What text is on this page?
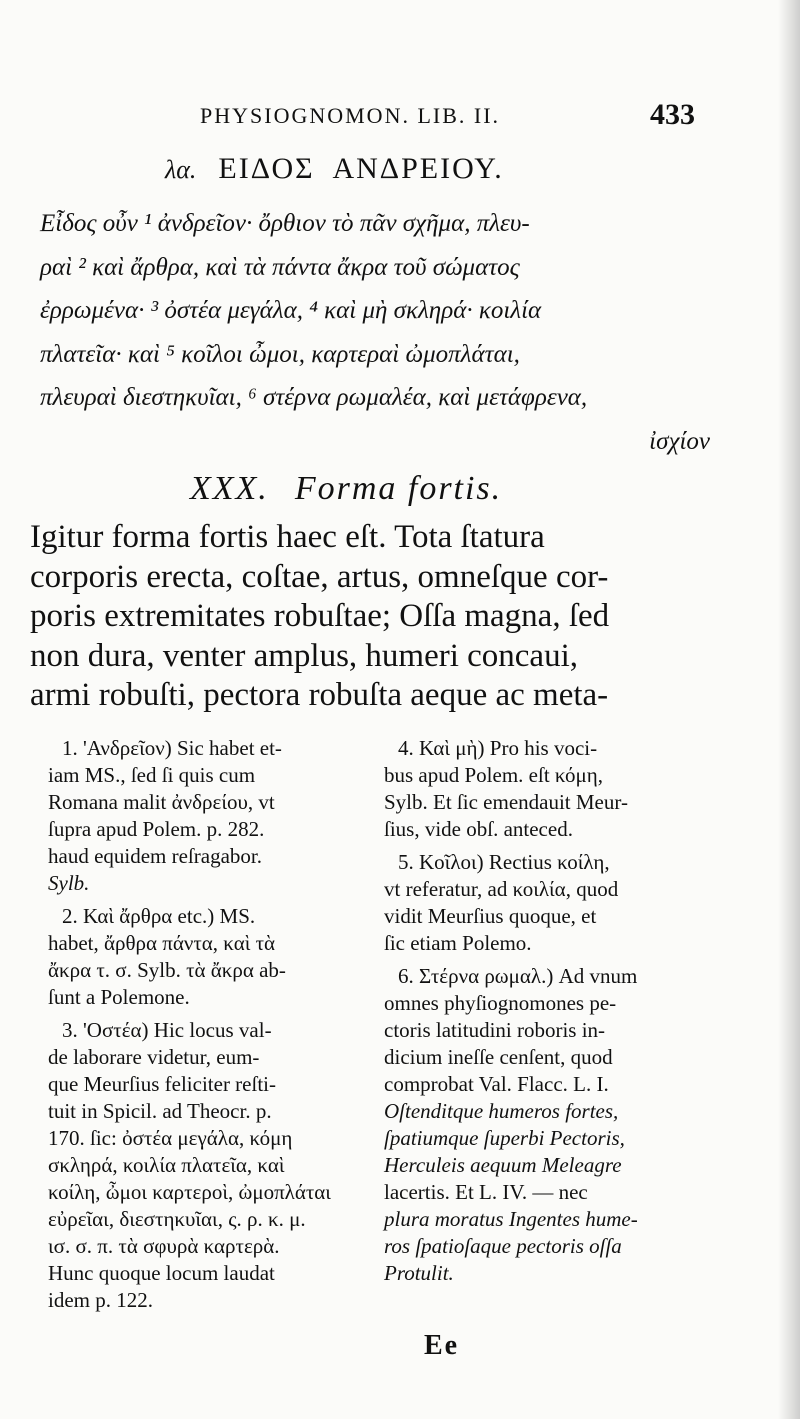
PHYSIOGNOMON. LIB. II.	433
λα. ΕΙΔΟΣ ΑΝΔΡΕΙΟΥ.
Εἶδος οὖν ¹ ἀνδρεῖον· ὄρθιον τὸ πᾶν σχῆμα, πλευ-
ραὶ ² καὶ ἄρθρα, καὶ τὰ πάντα ἄκρα τοῦ σώματος
ἐρρωμένα· ³ ὀστέα μεγάλα, ⁴ καὶ μὴ σκληρά· κοιλία
πλατεῖα· καὶ ⁵ κοῖλοι ὦμοι, καρτεραὶ ὠμοπλάται,
πλευραὶ διεστηκυῖαι, ⁶ στέρνα ρωμαλέα, καὶ μετάφρενα,
ἰσχίον
XXX. Forma fortis.
Igitur forma fortis haec eſt. Tota ſtatura
corporis erecta, coſtae, artus, omneſque cor-
poris extremitates robuſtae; Oſſa magna, ſed
non dura, venter amplus, humeri concaui,
armi robuſti, pectora robuſta aeque ac meta-
1. 'Ανδρεῖον) Sic habet et-
iam MS., ſed ſi quis cum
Romana malit ἀνδρείου, vt
ſupra apud Polem. p. 282.
haud equidem reſragabor.
Sylb.
2. Καὶ ἄρθρα etc.) MS.
habet, ἄρθρα πάντα, καὶ τὰ
ἄκρα τ. σ. Sylb. τὰ ἄκρα ab-
ſunt a Polemone.
3. 'Οστέα) Hic locus val-
de laborare videtur, eum-
que Meurſius feliciter reſti-
tuit in Spicil. ad Theocr. p.
170. ſic: ὀστέα μεγάλα, κόμη
σκληρά, κοιλία πλατεῖα, καὶ
κοίλη, ὦμοι καρτεροὶ, ὠμοπλάται
εὐρεῖαι, διεστηκυῖαι, ς. ρ. κ. μ.
ισ. σ. π. τὰ σφυρὰ καρτερὰ.
Hunc quoque locum laudat
idem p. 122.
4. Καὶ μὴ) Pro his voci-
bus apud Polem. eſt κόμη,
Sylb. Et ſic emendauit Meur-
ſius, vide obſ. anteced.
5. Κοῖλοι) Rectius κοίλη,
vt referatur, ad κοιλία, quod
vidit Meurſius quoque, et
ſic etiam Polemo.
6. Στέρνα ρωμαλ.) Ad vnum
omnes phyſiognomones pe-
ctoris latitudini roboris in-
dicium ineſſe cenſent, quod
comprobat Val. Flacc. L. I.
Oſtenditque humeros fortes,
ſpatiumque ſuperbi Pectoris,
Herculeis aequum Meleagre
lacertis. Et L. IV. — nec
plura moratus Ingentes hume-
ros ſpatioſaque pectoris oſſa
Protulit.
Ee
